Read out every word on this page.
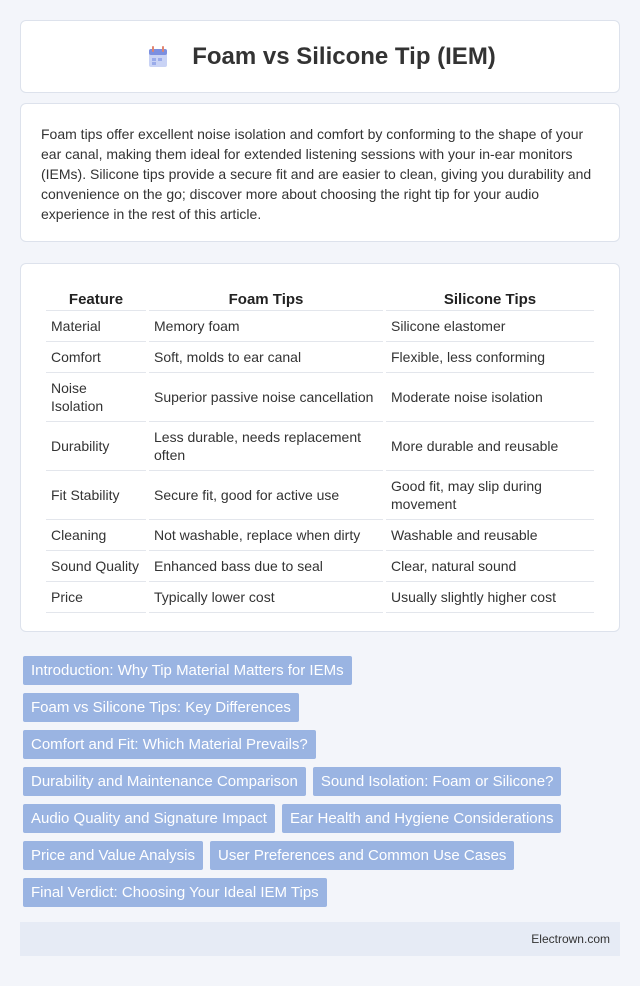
Foam vs Silicone Tip (IEM)

Foam tips offer excellent noise isolation and comfort by conforming to the shape of your ear canal, making them ideal for extended listening sessions with your in-ear monitors (IEMs). Silicone tips provide a secure fit and are easier to clean, giving you durability and convenience on the go; discover more about choosing the right tip for your audio experience in the rest of this article.

Feature	Foam Tips	Silicone Tips
Material	Memory foam	Silicone elastomer
Comfort	Soft, molds to ear canal	Flexible, less conforming
Noise Isolation	Superior passive noise cancellation	Moderate noise isolation
Durability	Less durable, needs replacement often	More durable and reusable
Fit Stability	Secure fit, good for active use	Good fit, may slip during movement
Cleaning	Not washable, replace when dirty	Washable and reusable
Sound Quality	Enhanced bass due to seal	Clear, natural sound
Price	Typically lower cost	Usually slightly higher cost
Introduction: Why Tip Material Matters for IEMs
Foam vs Silicone Tips: Key Differences
Comfort and Fit: Which Material Prevails?
Durability and Maintenance Comparison	Sound Isolation: Foam or Silicone?
Audio Quality and Signature Impact	Ear Health and Hygiene Considerations
Price and Value Analysis	User Preferences and Common Use Cases
Final Verdict: Choosing Your Ideal IEM Tips
Electrown.com
